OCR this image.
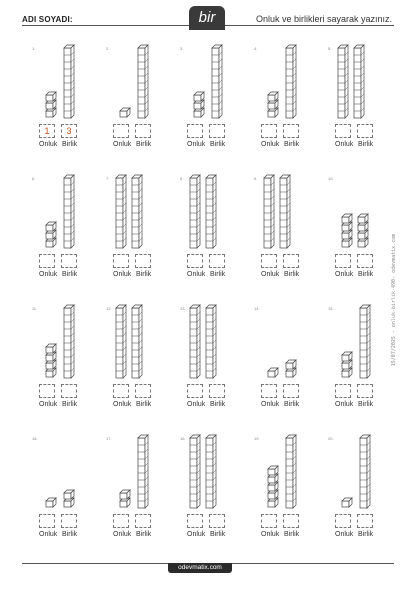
ADI SOYADI:	bir	Onluk ve birlikleri sayarak yazınız.
15/07/2025 - onluk-birlik-490- odevmatix.com
1.
1
Onluk
3
Birlik
2.
Onluk Birlik
3.
Onluk Birlik
4.
Onluk Birlik
5.
Onluk Birlik
6.
Onluk Birlik
7.
Onluk Birlik
8.
Onluk Birlik
9.
Onluk Birlik
10.
Onluk Birlik
11.
Onluk Birlik
12.
Onluk Birlik
13.
Onluk Birlik
14.
Onluk Birlik
15.
Onluk Birlik
16.
Onluk Birlik
17.
Onluk Birlik
18.
Onluk Birlik
19.
Onluk Birlik
20.
Onluk Birlik
odevmatix.com
